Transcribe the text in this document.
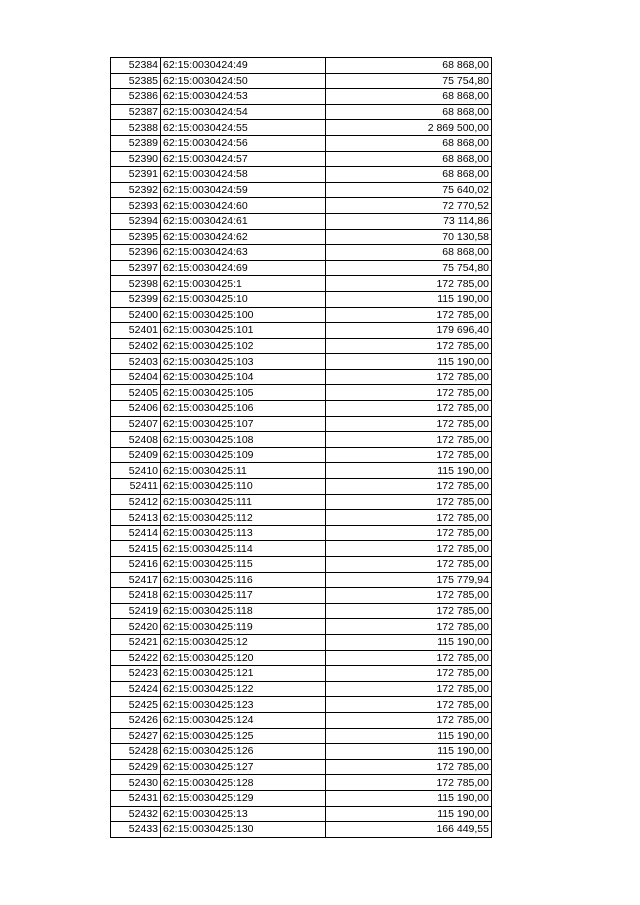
52384	62:15:0030424:49	68 868,00
52385	62:15:0030424:50	75 754,80
52386	62:15:0030424:53	68 868,00
52387	62:15:0030424:54	68 868,00
52388	62:15:0030424:55	2 869 500,00
52389	62:15:0030424:56	68 868,00
52390	62:15:0030424:57	68 868,00
52391	62:15:0030424:58	68 868,00
52392	62:15:0030424:59	75 640,02
52393	62:15:0030424:60	72 770,52
52394	62:15:0030424:61	73 114,86
52395	62:15:0030424:62	70 130,58
52396	62:15:0030424:63	68 868,00
52397	62:15:0030424:69	75 754,80
52398	62:15:0030425:1	172 785,00
52399	62:15:0030425:10	115 190,00
52400	62:15:0030425:100	172 785,00
52401	62:15:0030425:101	179 696,40
52402	62:15:0030425:102	172 785,00
52403	62:15:0030425:103	115 190,00
52404	62:15:0030425:104	172 785,00
52405	62:15:0030425:105	172 785,00
52406	62:15:0030425:106	172 785,00
52407	62:15:0030425:107	172 785,00
52408	62:15:0030425:108	172 785,00
52409	62:15:0030425:109	172 785,00
52410	62:15:0030425:11	115 190,00
52411	62:15:0030425:110	172 785,00
52412	62:15:0030425:111	172 785,00
52413	62:15:0030425:112	172 785,00
52414	62:15:0030425:113	172 785,00
52415	62:15:0030425:114	172 785,00
52416	62:15:0030425:115	172 785,00
52417	62:15:0030425:116	175 779,94
52418	62:15:0030425:117	172 785,00
52419	62:15:0030425:118	172 785,00
52420	62:15:0030425:119	172 785,00
52421	62:15:0030425:12	115 190,00
52422	62:15:0030425:120	172 785,00
52423	62:15:0030425:121	172 785,00
52424	62:15:0030425:122	172 785,00
52425	62:15:0030425:123	172 785,00
52426	62:15:0030425:124	172 785,00
52427	62:15:0030425:125	115 190,00
52428	62:15:0030425:126	115 190,00
52429	62:15:0030425:127	172 785,00
52430	62:15:0030425:128	172 785,00
52431	62:15:0030425:129	115 190,00
52432	62:15:0030425:13	115 190,00
52433	62:15:0030425:130	166 449,55
